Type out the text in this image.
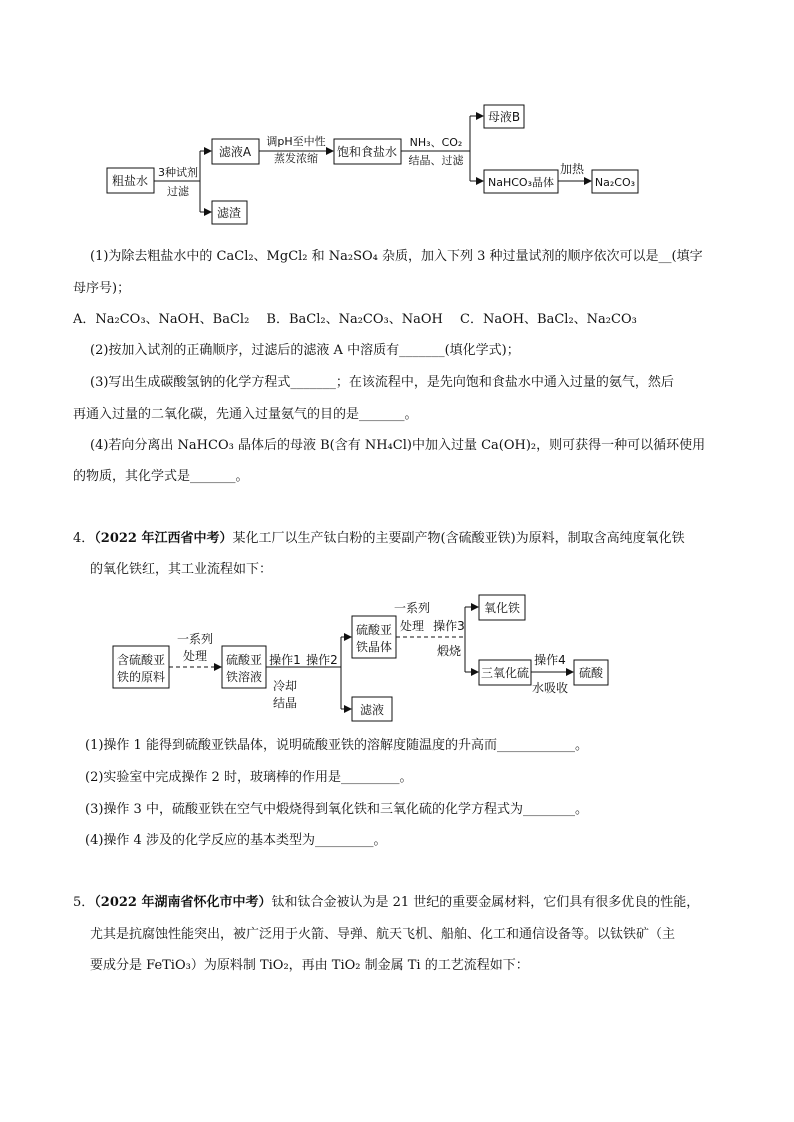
粗盐水
3种试剂
过滤
滤液A
滤渣
调pH至中性
蒸发浓缩 饱和食盐水
NH₃、CO₂
结晶、过滤
母液B
NaHCO₃晶体
加热
Na₂CO₃
(1)为除去粗盐水中的 CaCl₂、MgCl₂ 和 Na₂SO₄ 杂质，加入下列 3 种过量试剂的顺序依次可以是__(填字
母序号)；
A．Na₂CO₃、NaOH、BaCl₂　 B．BaCl₂、Na₂CO₃、NaOH　 C．NaOH、BaCl₂、Na₂CO₃
(2)按加入试剂的正确顺序，过滤后的滤液 A 中溶质有_______(填化学式)；
(3)写出生成碳酸氢钠的化学方程式_______；在该流程中，是先向饱和食盐水中通入过量的氨气，然后
再通入过量的二氧化碳，先通入过量氨气的目的是_______。
(4)若向分离出 NaHCO₃ 晶体后的母液 B(含有 NH₄Cl)中加入过量 Ca(OH)₂，则可获得一种可以循环使用
的物质，其化学式是_______。
4．（2022 年江西省中考）某化工厂以生产钛白粉的主要副产物(含硫酸亚铁)为原料，制取含高纯度氧化铁
的氧化铁红，其工业流程如下：
含硫酸亚
铁的原料
一系列
处理 硫酸亚
铁溶液
操作1
冷却
结晶
操作2
硫酸亚
铁晶体
滤液
一系列
处理 操作3
煅烧
氧化铁
三氧化硫
操作4
水吸收
硫酸
(1)操作 1 能得到硫酸亚铁晶体，说明硫酸亚铁的溶解度随温度的升高而____________。
(2)实验室中完成操作 2 时，玻璃棒的作用是_________。
(3)操作 3 中，硫酸亚铁在空气中煅烧得到氧化铁和三氧化硫的化学方程式为________。
(4)操作 4 涉及的化学反应的基本类型为_________。
5．（2022 年湖南省怀化市中考）钛和钛合金被认为是 21 世纪的重要金属材料，它们具有很多优良的性能，
尤其是抗腐蚀性能突出，被广泛用于火箭、导弹、航天飞机、船舶、化工和通信设备等。以钛铁矿（主
要成分是 FeTiO₃）为原料制 TiO₂，再由 TiO₂ 制金属 Ti 的工艺流程如下：
